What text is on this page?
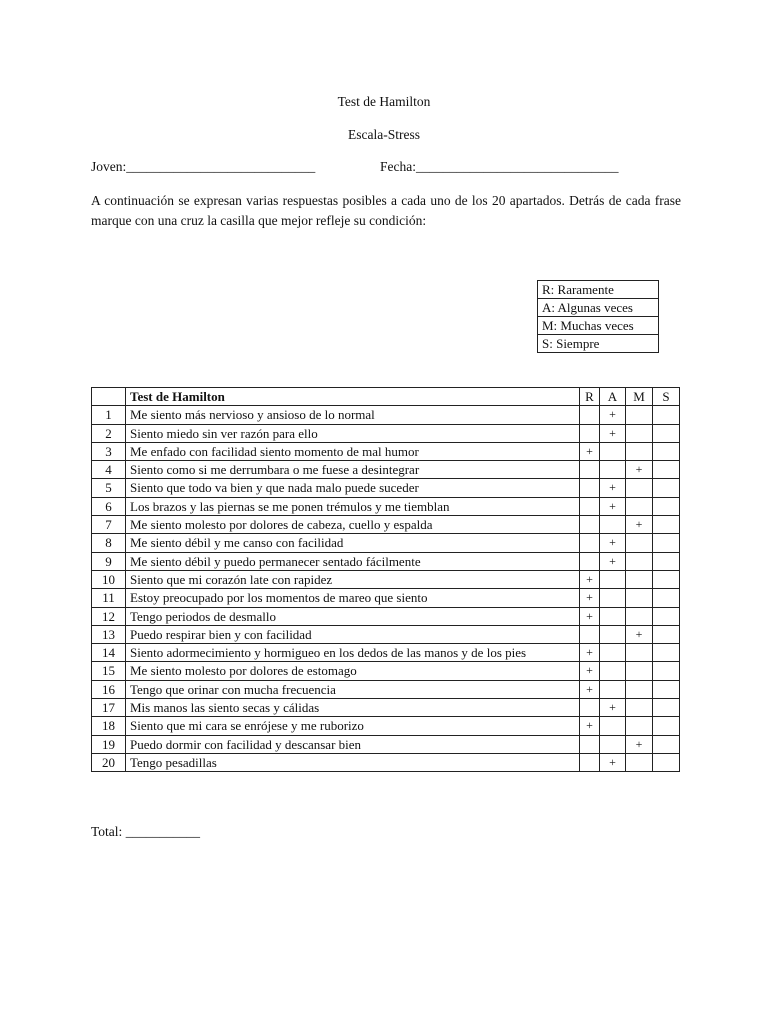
Test de Hamilton
Escala-Stress
Joven:____________________________	Fecha:______________________________
A continuación se expresan varias respuestas posibles a cada uno de los 20 apartados. Detrás de cada frase marque con una cruz la casilla que mejor refleje su condición:
R: Raramente
A: Algunas veces
M: Muchas veces
S: Siempre
	Test de Hamilton	R	A	M	S
1	Me siento más nervioso y ansioso de lo normal		+		
2	Siento miedo sin ver razón para ello		+		
3	Me enfado con facilidad siento momento de mal humor	+			
4	Siento como si me derrumbara o me fuese a desintegrar			+	
5	Siento que todo va bien y que nada malo puede suceder		+		
6	Los brazos y las piernas se me ponen trémulos y me tiemblan		+		
7	Me siento molesto por dolores de cabeza, cuello y espalda			+	
8	Me siento débil y me canso con facilidad		+		
9	Me siento débil y puedo permanecer sentado fácilmente		+		
10	Siento que mi corazón late con rapidez	+			
11	Estoy preocupado por los momentos de mareo que siento	+			
12	Tengo periodos de desmallo	+			
13	Puedo respirar bien y con facilidad			+	
14	Siento adormecimiento y hormigueo en los dedos de las manos y de los pies	+			
15	Me siento molesto por dolores de estomago	+			
16	Tengo que orinar con mucha frecuencia	+			
17	Mis manos las siento secas y cálidas		+		
18	Siento que mi cara se enrójese y me ruborizo	+			
19	Puedo dormir con facilidad y descansar bien			+	
20	Tengo pesadillas		+		
Total: ___________
